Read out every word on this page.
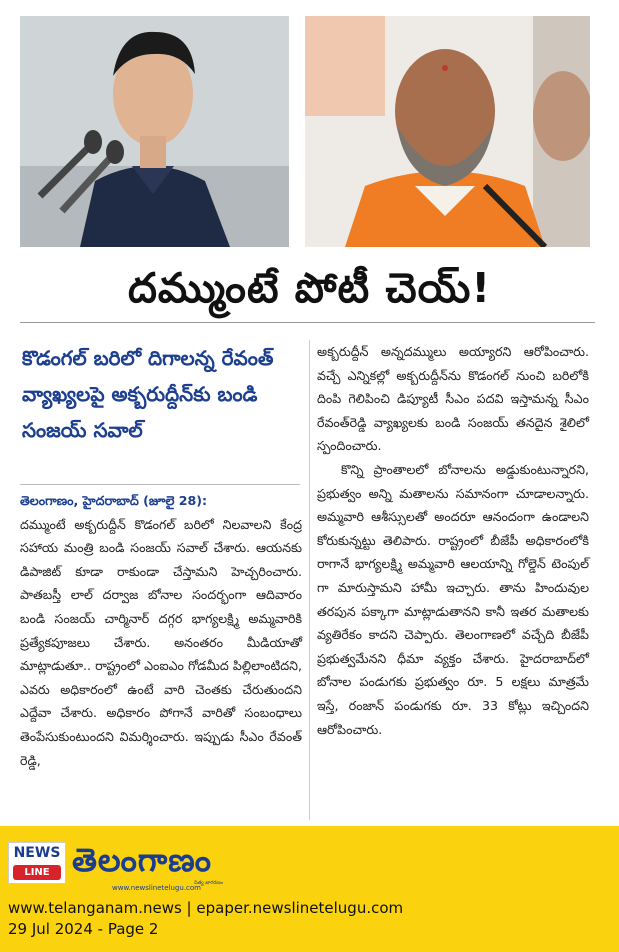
దమ్ముంటే పోటీ చెయ్!
కొడంగల్ బరిలో దిగాలన్న రేవంత్ వ్యాఖ్యలపై అక్బరుద్దీన్‌కు బండి సంజయ్ సవాల్
తెలంగాణం, హైదరాబాద్ (జూలై 28):
దమ్ముంటే అక్బరుద్దీన్ కొడంగల్ బరిలో నిలవాలని కేంద్ర సహాయ మంత్రి బండి సంజయ్ సవాల్ చేశారు. ఆయనకు డిపాజిట్ కూడా రాకుండా చేస్తామని హెచ్చరించారు. పాతబస్తీ లాల్ దర్వాజ బోనాల సందర్భంగా ఆదివారం బండి సంజయ్ చార్మినార్ దగ్గర భాగ్యలక్ష్మి అమ్మవారికి ప్రత్యేకపూజలు చేశారు. అనంతరం మీడియాతో మాట్లాడుతూ.. రాష్ట్రంలో ఎంఐఎం గోడమీద పిల్లిలాంటిదని, ఎవరు అధికారంలో ఉంటే వారి చెంతకు చేరుతుందని ఎద్దేవా చేశారు. అధికారం పోగానే వారితో సంబంధాలు తెంపేసుకుంటుందని విమర్శించారు. ఇప్పుడు సీఎం రేవంత్ రెడ్డి,
అక్బరుద్దీన్ అన్నదమ్ములు అయ్యారని ఆరోపించారు. వచ్చే ఎన్నికల్లో అక్బరుద్దీన్‌ను కొడంగల్ నుంచి బరిలోకి దింపి గెలిపించి డిప్యూటీ సీఎం పదవి ఇస్తామన్న సీఎం రేవంత్‌రెడ్డి వ్యాఖ్యలకు బండి సంజయ్ తనదైన శైలిలో స్పందించారు.

కొన్ని ప్రాంతాలలో బోనాలను అడ్డుకుంటున్నారని, ప్రభుత్వం అన్ని మతాలను సమానంగా చూడాలన్నారు. అమ్మవారి ఆశీస్సులతో అందరూ ఆనందంగా ఉండాలని కోరుకున్నట్టు తెలిపారు. రాష్ట్రంలో బీజేపీ అధికారంలోకి రాగానే భాగ్యలక్ష్మి అమ్మవారి ఆలయాన్ని గోల్డెన్ టెంపుల్ గా మారుస్తామని హామీ ఇచ్చారు. తాను హిందువుల తరపున పక్కాగా మాట్లాడుతానని కానీ ఇతర మతాలకు వ్యతిరేకం కాదని చెప్పారు. తెలంగాణలో వచ్చేది బీజేపీ ప్రభుత్వమేనని ధీమా వ్యక్తం చేశారు. హైదరాబాద్‌లో బోనాల పండుగకు ప్రభుత్వం రూ. 5 లక్షలు మాత్రమే ఇస్తే, రంజాన్ పండుగకు రూ. 33 కోట్లు ఇచ్చిందని ఆరోపించారు.
NEWS
LINE తెలంగాణం
నిత్య జాగరణం
www.newslinetelugu.com
www.telanganam.news | epaper.newslinetelugu.com
29 Jul 2024 - Page 2
